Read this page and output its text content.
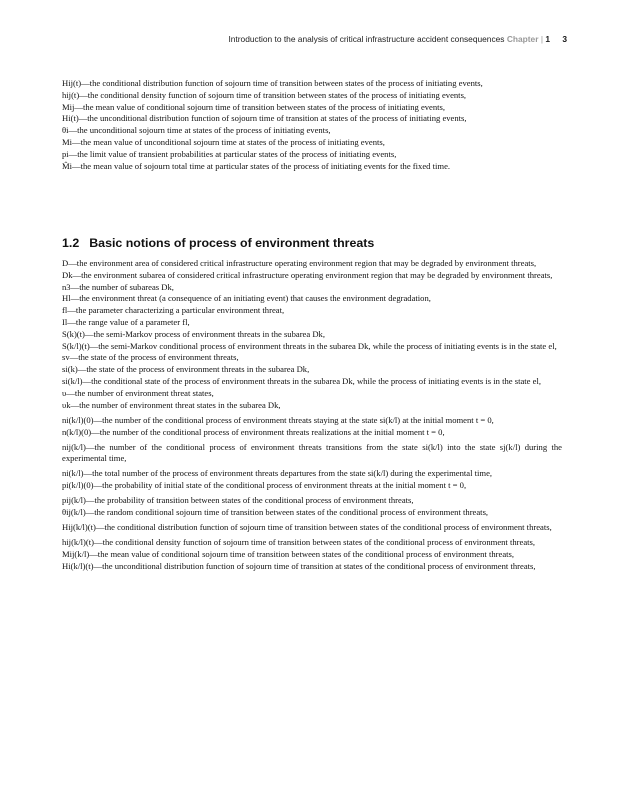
Introduction to the analysis of critical infrastructure accident consequences Chapter | 1 3

Hij(t)—the conditional distribution function of sojourn time of transition between states of the process of initiating events,

hij(t)—the conditional density function of sojourn time of transition between states of the process of initiating events,

Mij—the mean value of conditional sojourn time of transition between states of the process of initiating events,

Hi(t)—the unconditional distribution function of sojourn time of transition at states of the process of initiating events,

θi—the unconditional sojourn time at states of the process of initiating events,

Mi—the mean value of unconditional sojourn time at states of the process of initiating events,

pi—the limit value of transient probabilities at particular states of the process of initiating events,

M̂i—the mean value of sojourn total time at particular states of the process of initiating events for the fixed time.

1.2 Basic notions of process of environment threats

D—the environment area of considered critical infrastructure operating environment region that may be degraded by environment threats,

Dk—the environment subarea of considered critical infrastructure operating environment region that may be degraded by environment threats,

n3—the number of subareas Dk,

Hl—the environment threat (a consequence of an initiating event) that causes the environment degradation,

fl—the parameter characterizing a particular environment threat,

Il—the range value of a parameter fl,

S(k)(t)—the semi-Markov process of environment threats in the subarea Dk,

S(k/l)(t)—the semi-Markov conditional process of environment threats in the subarea Dk, while the process of initiating events is in the state el,

sv—the state of the process of environment threats,

si(k)—the state of the process of environment threats in the subarea Dk,

si(k/l)—the conditional state of the process of environment threats in the subarea Dk, while the process of initiating events is in the state el,

υ—the number of environment threat states,

υk—the number of environment threat states in the subarea Dk,

ni(k/l)(0)—the number of the conditional process of environment threats staying at the state si(k/l) at the initial moment t = 0,

n(k/l)(0)—the number of the conditional process of environment threats realizations at the initial moment t = 0,

nij(k/l)—the number of the conditional process of environment threats transitions from the state si(k/l) into the state sj(k/l) during the experimental time,

ni(k/l)—the total number of the process of environment threats departures from the state si(k/l) during the experimental time,

pi(k/l)(0)—the probability of initial state of the conditional process of environment threats at the initial moment t = 0,

pij(k/l)—the probability of transition between states of the conditional process of environment threats,

θij(k/l)—the random conditional sojourn time of transition between states of the conditional process of environment threats,

Hij(k/l)(t)—the conditional distribution function of sojourn time of transition between states of the conditional process of environment threats,

hij(k/l)(t)—the conditional density function of sojourn time of transition between states of the conditional process of environment threats,

Mij(k/l)—the mean value of conditional sojourn time of transition between states of the conditional process of environment threats,

Hi(k/l)(t)—the unconditional distribution function of sojourn time of transition at states of the conditional process of environment threats,
